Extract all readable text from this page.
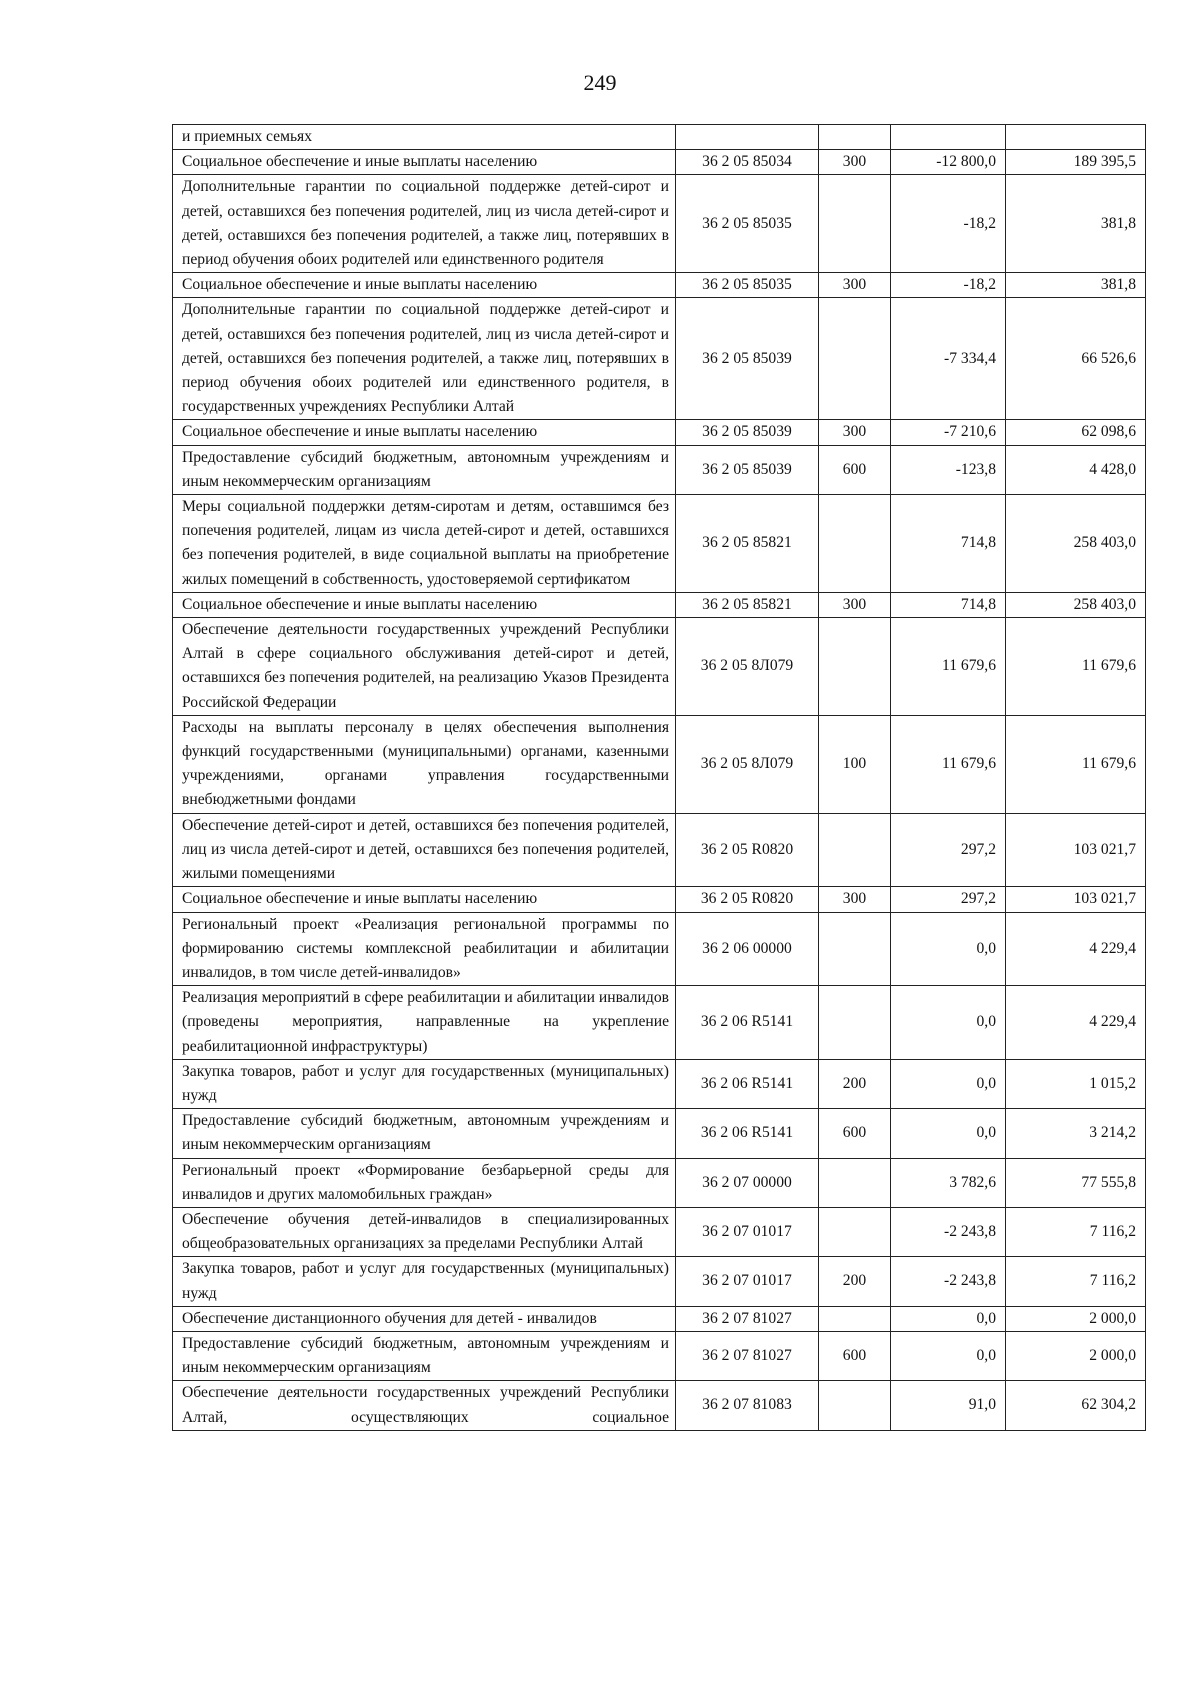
249
и приемных семьях				
Социальное обеспечение и иные выплаты населению	36 2 05 85034	300	-12 800,0	189 395,5
Дополнительные гарантии по социальной поддержке детей-сирот и детей, оставшихся без попечения родителей, лиц из числа детей-сирот и детей, оставшихся без попечения родителей, а также лиц, потерявших в период обучения обоих родителей или единственного родителя	36 2 05 85035		-18,2	381,8
Социальное обеспечение и иные выплаты населению	36 2 05 85035	300	-18,2	381,8
Дополнительные гарантии по социальной поддержке детей-сирот и детей, оставшихся без попечения родителей, лиц из числа детей-сирот и детей, оставшихся без попечения родителей, а также лиц, потерявших в период обучения обоих родителей или единственного родителя, в государственных учреждениях Республики Алтай	36 2 05 85039		-7 334,4	66 526,6
Социальное обеспечение и иные выплаты населению	36 2 05 85039	300	-7 210,6	62 098,6
Предоставление субсидий бюджетным, автономным учреждениям и иным некоммерческим организациям	36 2 05 85039	600	-123,8	4 428,0
Меры социальной поддержки детям-сиротам и детям, оставшимся без попечения родителей, лицам из числа детей-сирот и детей, оставшихся без попечения родителей, в виде социальной выплаты на приобретение жилых помещений в собственность, удостоверяемой сертификатом	36 2 05 85821		714,8	258 403,0
Социальное обеспечение и иные выплаты населению	36 2 05 85821	300	714,8	258 403,0
Обеспечение деятельности государственных учреждений Республики Алтай в сфере социального обслуживания детей-сирот и детей, оставшихся без попечения родителей, на реализацию Указов Президента Российской Федерации	36 2 05 8Л079		11 679,6	11 679,6
Расходы на выплаты персоналу в целях обеспечения выполнения функций государственными (муниципальными) органами, казенными учреждениями, органами управления государственными внебюджетными фондами	36 2 05 8Л079	100	11 679,6	11 679,6
Обеспечение детей-сирот и детей, оставшихся без попечения родителей, лиц из числа детей-сирот и детей, оставшихся без попечения родителей, жилыми помещениями	36 2 05 R0820		297,2	103 021,7
Социальное обеспечение и иные выплаты населению	36 2 05 R0820	300	297,2	103 021,7
Региональный проект «Реализация региональной программы по формированию системы комплексной реабилитации и абилитации инвалидов, в том числе детей-инвалидов»	36 2 06 00000		0,0	4 229,4
Реализация мероприятий в сфере реабилитации и абилитации инвалидов (проведены мероприятия, направленные на укрепление реабилитационной инфраструктуры)	36 2 06 R5141		0,0	4 229,4
Закупка товаров, работ и услуг для государственных (муниципальных) нужд	36 2 06 R5141	200	0,0	1 015,2
Предоставление субсидий бюджетным, автономным учреждениям и иным некоммерческим организациям	36 2 06 R5141	600	0,0	3 214,2
Региональный проект «Формирование безбарьерной среды для инвалидов и других маломобильных граждан»	36 2 07 00000		3 782,6	77 555,8
Обеспечение обучения детей-инвалидов в специализированных общеобразовательных организациях за пределами Республики Алтай	36 2 07 01017		-2 243,8	7 116,2
Закупка товаров, работ и услуг для государственных (муниципальных) нужд	36 2 07 01017	200	-2 243,8	7 116,2
Обеспечение дистанционного обучения для детей - инвалидов	36 2 07 81027		0,0	2 000,0
Предоставление субсидий бюджетным, автономным учреждениям и иным некоммерческим организациям	36 2 07 81027	600	0,0	2 000,0
Обеспечение деятельности государственных учреждений Республики Алтай, осуществляющих социальное	36 2 07 81083		91,0	62 304,2
